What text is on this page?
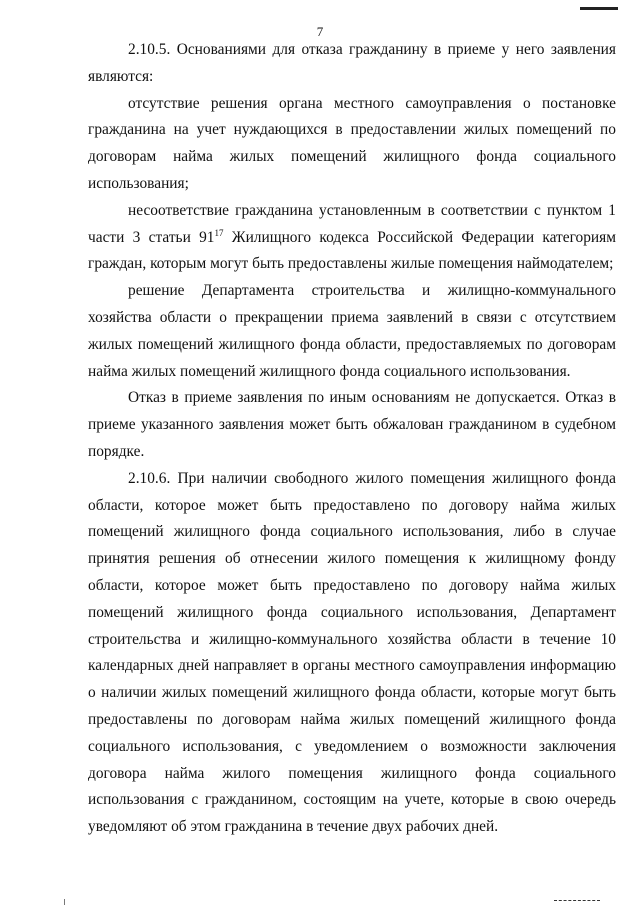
7

2.10.5. Основаниями для отказа гражданину в приеме у него заявления являются:

отсутствие решения органа местного самоуправления о постановке гражданина на учет нуждающихся в предоставлении жилых помещений по договорам найма жилых помещений жилищного фонда социального использования;

несоответствие гражданина установленным в соответствии с пунктом 1 части 3 статьи $91^{17}$ Жилищного кодекса Российской Федерации категориям граждан, которым могут быть предоставлены жилые помещения наймодателем;

решение Департамента строительства и жилищно-коммунального хозяйства области о прекращении приема заявлений в связи с отсутствием жилых помещений жилищного фонда области, предоставляемых по договорам найма жилых помещений жилищного фонда социального использования.

Отказ в приеме заявления по иным основаниям не допускается. Отказ в приеме указанного заявления может быть обжалован гражданином в судебном порядке.

2.10.6. При наличии свободного жилого помещения жилищного фонда области, которое может быть предоставлено по договору найма жилых помещений жилищного фонда социального использования, либо в случае принятия решения об отнесении жилого помещения к жилищному фонду области, которое может быть предоставлено по договору найма жилых помещений жилищного фонда социального использования, Департамент строительства и жилищно-коммунального хозяйства области в течение 10 календарных дней направляет в органы местного самоуправления информацию о наличии жилых помещений жилищного фонда области, которые могут быть предоставлены по договорам найма жилых помещений жилищного фонда социального использования, с уведомлением о возможности заключения договора найма жилого помещения жилищного фонда социального использования с гражданином, состоящим на учете, которые в свою очередь уведомляют об этом гражданина в течение двух рабочих дней.
